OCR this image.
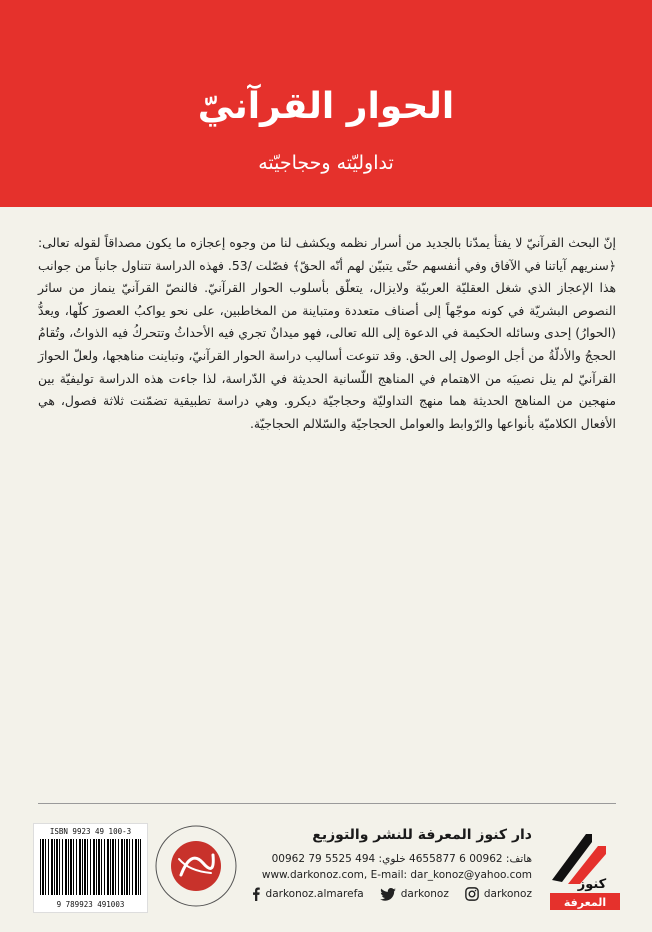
الحوار القرآنيّ
تداوليّته وحجاجيّته

إنّ البحث القرآنيّ لا يفتأ يمدّنا بالجديد من أسرار نظمه ويكشف لنا من وجوه إعجازه ما يكون مصداقاً لقوله تعالى: ﴿سنريهم آياتنا في الآفاق وفي أنفسهم حتّى يتبيّن لهم أنّه الحقّ﴾ فصّلت /53. فهذه الدراسة تتناول جانباً من جوانب هذا الإعجاز الذي شغل العقليّة العربيّة ولايزال، يتعلّق بأسلوب الحوار القرآنيّ. فالنصّ القرآنيّ ينماز من سائر النصوص البشريّة في كونه موجّهاً إلى أصناف متعددة ومتباينة من المخاطبين، على نحو يواكبُ العصورَ كلّها، ويعدُّ (الحوارُ) إحدى وسائله الحكيمة في الدعوة إلى الله تعالى، فهو ميدانٌ تجري فيه الأحداثُ وتتحركُ فيه الذواتُ، وتُقامُ الحججُ والأدلّةُ من أجل الوصول إلى الحق. وقد تنوعت أساليب دراسة الحوار القرآنيّ، وتباينت مناهجها، ولعلّ الحوارَ القرآنيّ لم ينل نصيبَه من الاهتمام في المناهج اللّسانية الحديثة في الدّراسة، لذا جاءت هذه الدراسة توليفيّة بين منهجين من المناهج الحديثة هما منهج التداوليّة وحجاجيّة ديكرو. وهي دراسة تطبيقية تضمّنت ثلاثة فصول، هي الأفعال الكلاميّة بأنواعها والرّوابط والعوامل الحجاجيّة والسّلالم الحجاجيّة.

ISBN 9923 49 100-3
9 789923 491003
دار كنوز المعرفة للنشر والتوزيع
هاتف: 00962 6 4655877 خلوي: 494 5525 79 00962
www.darkonoz.com, E-mail: dar_konoz@yahoo.com
darkonoz.almarefa	darkonoz	darkonoz
كنوز
المعرفة
